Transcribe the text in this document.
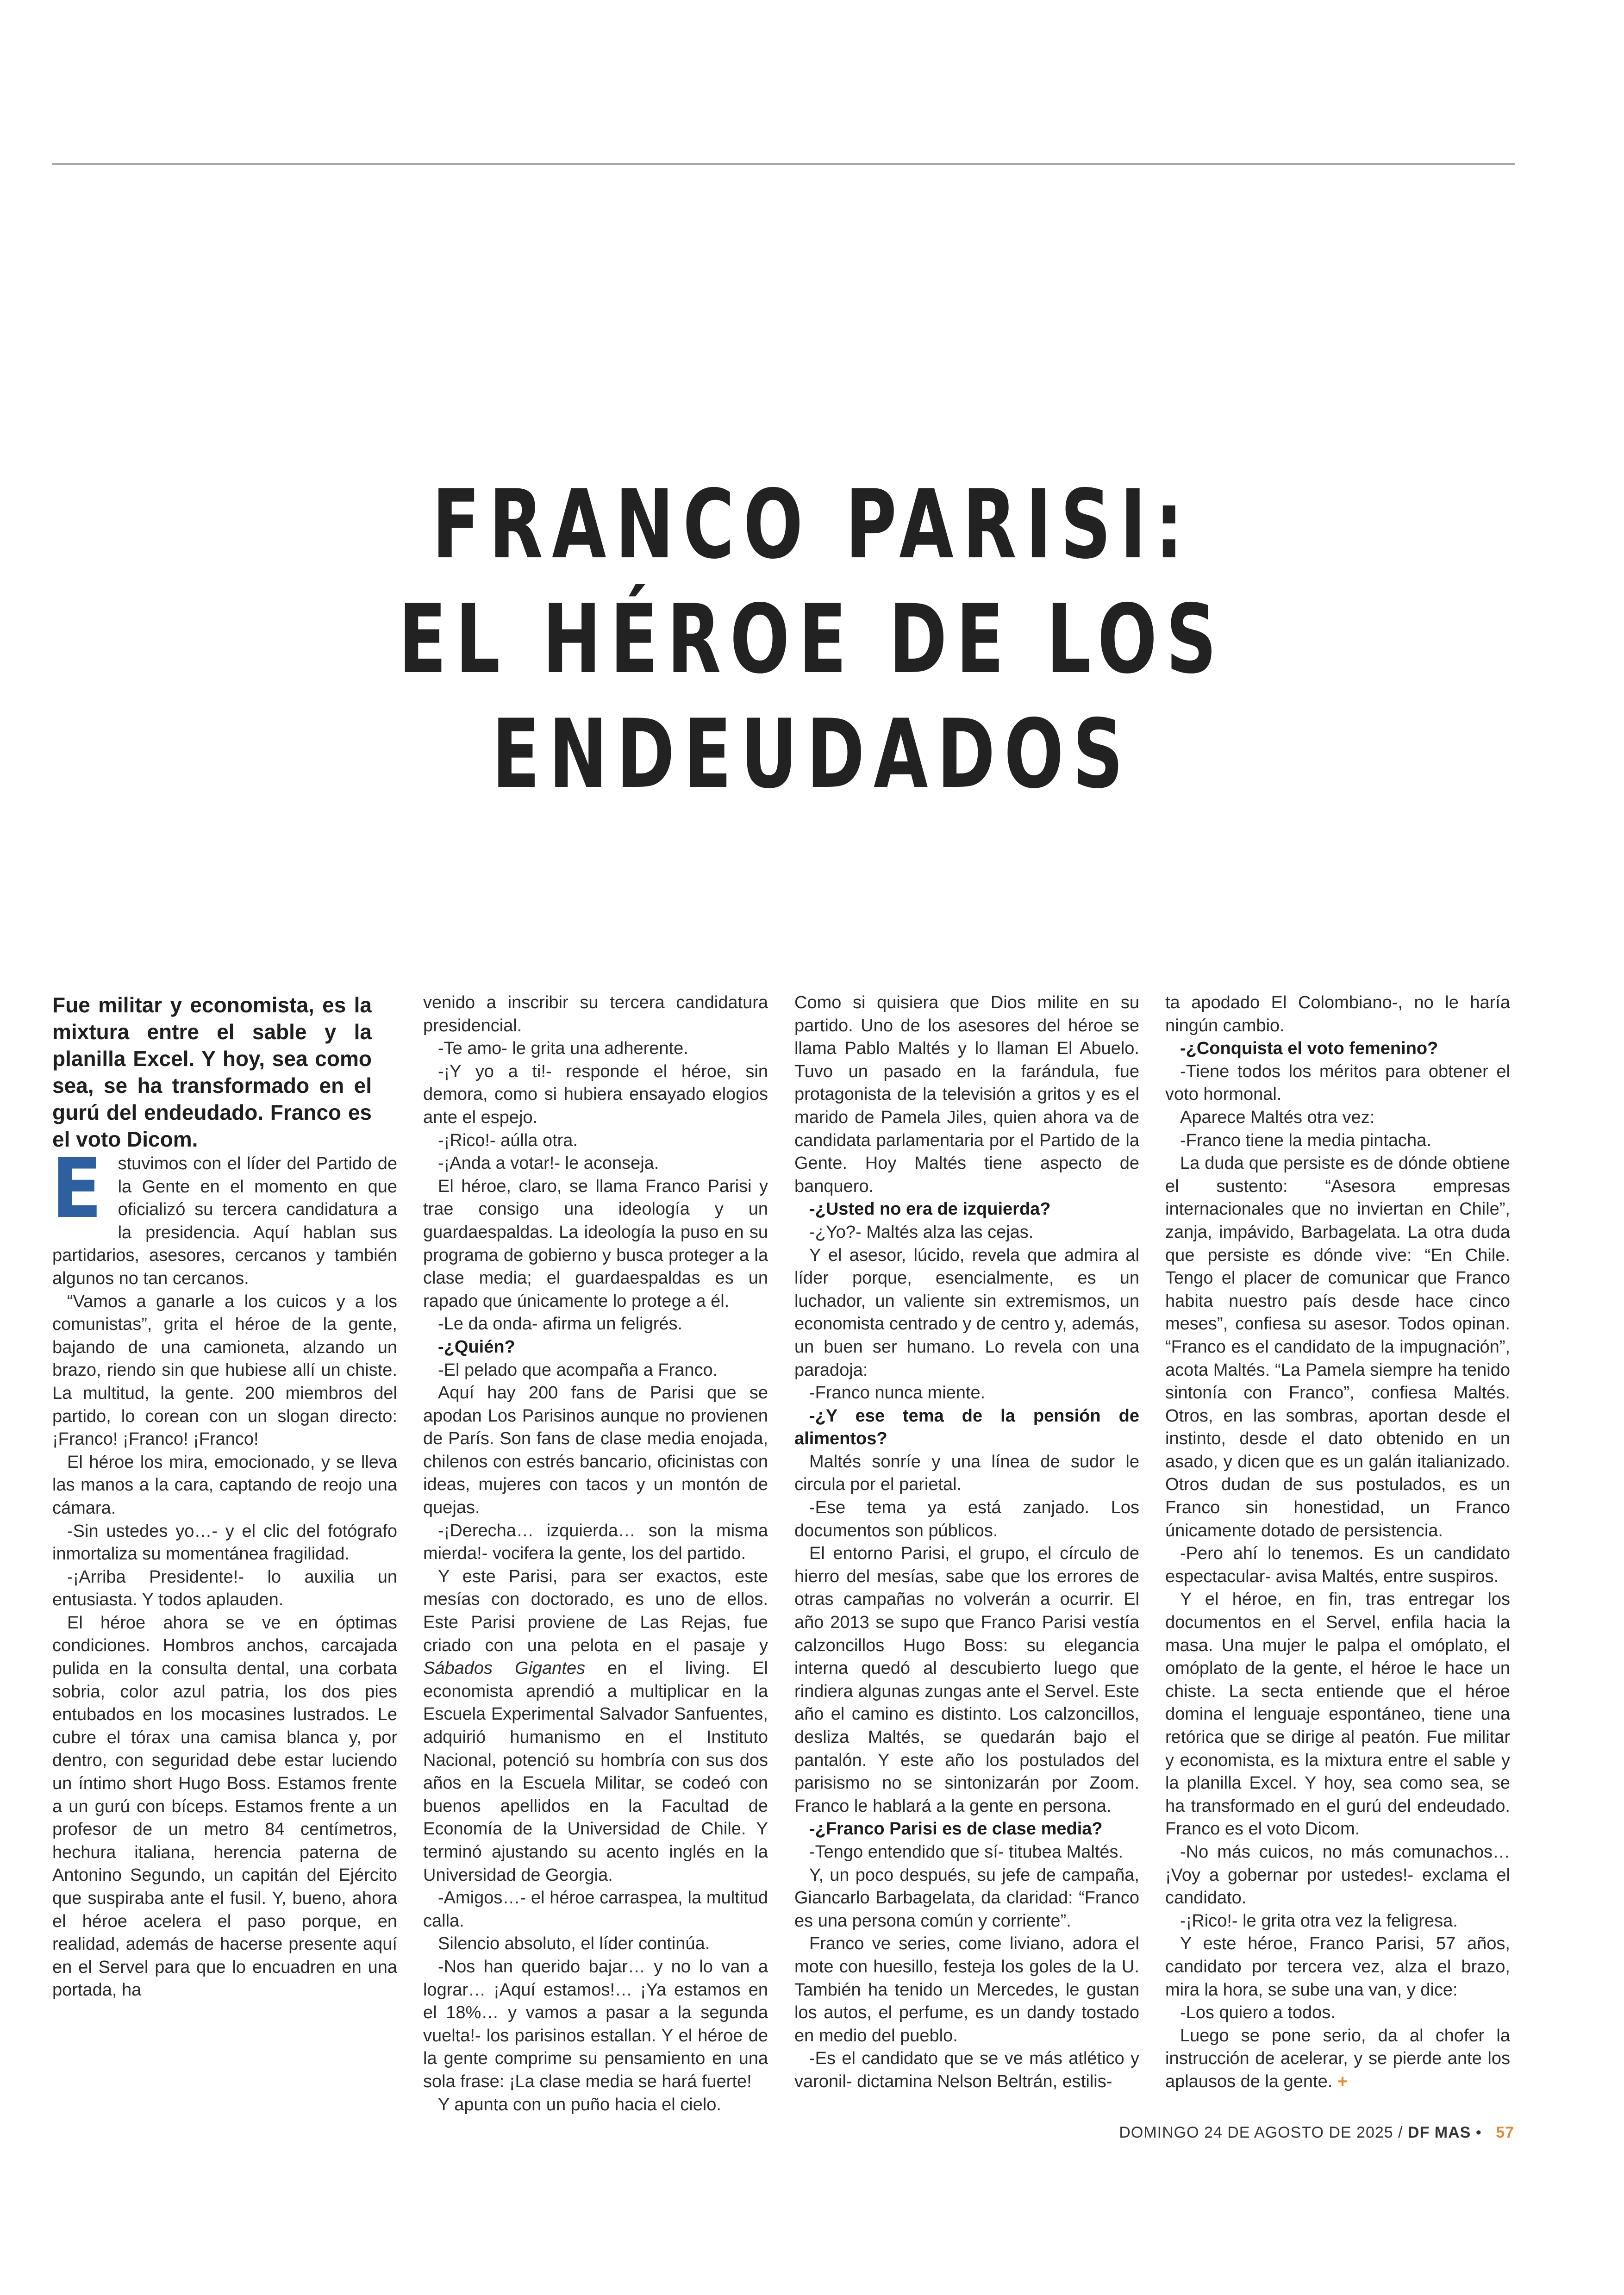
FRANCO PARISI:
EL HÉROE DE LOS
ENDEUDADOS

Fue militar y economista, es la mixtura entre el sable y la planilla Excel. Y hoy, sea como sea, se ha transformado en el gurú del endeudado. Franco es el voto Dicom.

Estuvimos con el líder del Partido de la Gente en el momento en que oficializó su tercera candidatura a la presidencia. Aquí hablan sus partidarios, asesores, cercanos y también algunos no tan cercanos.

“Vamos a ganarle a los cuicos y a los comunistas”, grita el héroe de la gente, bajando de una camioneta, alzando un brazo, riendo sin que hubiese allí un chiste. La multitud, la gente. 200 miembros del partido, lo corean con un slogan directo: ¡Franco! ¡Franco! ¡Franco!

El héroe los mira, emocionado, y se lleva las manos a la cara, captando de reojo una cámara.

-Sin ustedes yo…- y el clic del fotógrafo inmortaliza su momentánea fragilidad.

-¡Arriba Presidente!- lo auxilia un entusiasta. Y todos aplauden.

El héroe ahora se ve en óptimas condiciones. Hombros anchos, carcajada pulida en la consulta dental, una corbata sobria, color azul patria, los dos pies entubados en los mocasines lustrados. Le cubre el tórax una camisa blanca y, por dentro, con seguridad debe estar luciendo un íntimo short Hugo Boss. Estamos frente a un gurú con bíceps. Estamos frente a un profesor de un metro 84 centímetros, hechura italiana, herencia paterna de Antonino Segundo, un capitán del Ejército que suspiraba ante el fusil. Y, bueno, ahora el héroe acelera el paso porque, en realidad, además de hacerse presente aquí en el Servel para que lo encuadren en una portada, ha

venido a inscribir su tercera candidatura presidencial.

-Te amo- le grita una adherente.

-¡Y yo a ti!- responde el héroe, sin demora, como si hubiera ensayado elogios ante el espejo.

-¡Rico!- aúlla otra.

-¡Anda a votar!- le aconseja.

El héroe, claro, se llama Franco Parisi y trae consigo una ideología y un guardaespaldas. La ideología la puso en su programa de gobierno y busca proteger a la clase media; el guardaespaldas es un rapado que únicamente lo protege a él.

-Le da onda- afirma un feligrés.

-¿Quién?

-El pelado que acompaña a Franco.

Aquí hay 200 fans de Parisi que se apodan Los Parisinos aunque no provienen de París. Son fans de clase media enojada, chilenos con estrés bancario, oficinistas con ideas, mujeres con tacos y un montón de quejas.

-¡Derecha… izquierda… son la misma mierda!- vocifera la gente, los del partido.

Y este Parisi, para ser exactos, este mesías con doctorado, es uno de ellos. Este Parisi proviene de Las Rejas, fue criado con una pelota en el pasaje y Sábados Gigantes en el living. El economista aprendió a multiplicar en la Escuela Experimental Salvador Sanfuentes, adquirió humanismo en el Instituto Nacional, potenció su hombría con sus dos años en la Escuela Militar, se codeó con buenos apellidos en la Facultad de Economía de la Universidad de Chile. Y terminó ajustando su acento inglés en la Universidad de Georgia.

-Amigos…- el héroe carraspea, la multitud calla.

Silencio absoluto, el líder continúa.

-Nos han querido bajar… y no lo van a lograr… ¡Aquí estamos!… ¡Ya estamos en el 18%… y vamos a pasar a la segunda vuelta!- los parisinos estallan. Y el héroe de la gente comprime su pensamiento en una sola frase: ¡La clase media se hará fuerte!

Y apunta con un puño hacia el cielo.

Como si quisiera que Dios milite en su partido. Uno de los asesores del héroe se llama Pablo Maltés y lo llaman El Abuelo. Tuvo un pasado en la farándula, fue protagonista de la televisión a gritos y es el marido de Pamela Jiles, quien ahora va de candidata parlamentaria por el Partido de la Gente. Hoy Maltés tiene aspecto de banquero.

-¿Usted no era de izquierda?

-¿Yo?- Maltés alza las cejas.

Y el asesor, lúcido, revela que admira al líder porque, esencialmente, es un luchador, un valiente sin extremismos, un economista centrado y de centro y, además, un buen ser humano. Lo revela con una paradoja:

-Franco nunca miente.

-¿Y ese tema de la pensión de alimentos?

Maltés sonríe y una línea de sudor le circula por el parietal.

-Ese tema ya está zanjado. Los documentos son públicos.

El entorno Parisi, el grupo, el círculo de hierro del mesías, sabe que los errores de otras campañas no volverán a ocurrir. El año 2013 se supo que Franco Parisi vestía calzoncillos Hugo Boss: su elegancia interna quedó al descubierto luego que rindiera algunas zungas ante el Servel. Este año el camino es distinto. Los calzoncillos, desliza Maltés, se quedarán bajo el pantalón. Y este año los postulados del parisismo no se sintonizarán por Zoom. Franco le hablará a la gente en persona.

-¿Franco Parisi es de clase media?

-Tengo entendido que sí- titubea Maltés.

Y, un poco después, su jefe de campaña, Giancarlo Barbagelata, da claridad: “Franco es una persona común y corriente”.

Franco ve series, come liviano, adora el mote con huesillo, festeja los goles de la U. También ha tenido un Mercedes, le gustan los autos, el perfume, es un dandy tostado en medio del pueblo.

-Es el candidato que se ve más atlético y varonil- dictamina Nelson Beltrán, estilis-

ta apodado El Colombiano-, no le haría ningún cambio.

-¿Conquista el voto femenino?

-Tiene todos los méritos para obtener el voto hormonal.

Aparece Maltés otra vez:

-Franco tiene la media pintacha.

La duda que persiste es de dónde obtiene el sustento: “Asesora empresas internacionales que no inviertan en Chile”, zanja, impávido, Barbagelata. La otra duda que persiste es dónde vive: “En Chile. Tengo el placer de comunicar que Franco habita nuestro país desde hace cinco meses”, confiesa su asesor. Todos opinan. “Franco es el candidato de la impugnación”, acota Maltés. “La Pamela siempre ha tenido sintonía con Franco”, confiesa Maltés. Otros, en las sombras, aportan desde el instinto, desde el dato obtenido en un asado, y dicen que es un galán italianizado. Otros dudan de sus postulados, es un Franco sin honestidad, un Franco únicamente dotado de persistencia.

-Pero ahí lo tenemos. Es un candidato espectacular- avisa Maltés, entre suspiros.

Y el héroe, en fin, tras entregar los documentos en el Servel, enfila hacia la masa. Una mujer le palpa el omóplato, el omóplato de la gente, el héroe le hace un chiste. La secta entiende que el héroe domina el lenguaje espontáneo, tiene una retórica que se dirige al peatón. Fue militar y economista, es la mixtura entre el sable y la planilla Excel. Y hoy, sea como sea, se ha transformado en el gurú del endeudado. Franco es el voto Dicom.

-No más cuicos, no más comunachos…¡Voy a gobernar por ustedes!- exclama el candidato.

-¡Rico!- le grita otra vez la feligresa.

Y este héroe, Franco Parisi, 57 años, candidato por tercera vez, alza el brazo, mira la hora, se sube una van, y dice:

-Los quiero a todos.

Luego se pone serio, da al chofer la instrucción de acelerar, y se pierde ante los aplausos de la gente. +

DOMINGO 24 DE AGOSTO DE 2025 / DF MAS • 57
